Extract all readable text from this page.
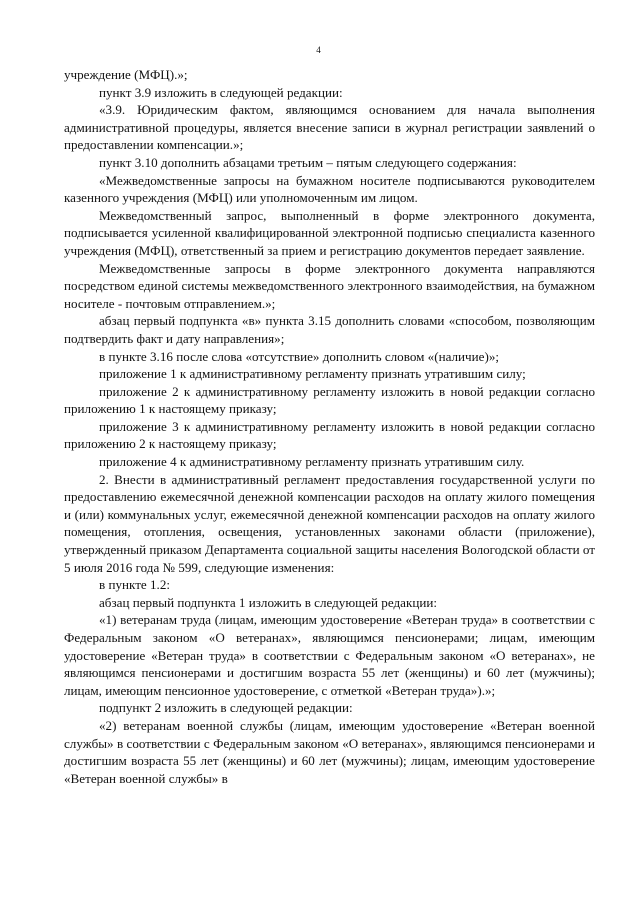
4

учреждение (МФЦ).»;

пункт 3.9 изложить в следующей редакции:

«3.9. Юридическим фактом, являющимся основанием для начала выполнения административной процедуры, является внесение записи в журнал регистрации заявлений о предоставлении компенсации.»;

пункт 3.10 дополнить абзацами третьим – пятым следующего содержания:

«Межведомственные запросы на бумажном носителе подписываются руководителем казенного учреждения (МФЦ) или уполномоченным им лицом.

Межведомственный запрос, выполненный в форме электронного документа, подписывается усиленной квалифицированной электронной подписью специалиста казенного учреждения (МФЦ), ответственный за прием и регистрацию документов передает заявление.

Межведомственные запросы в форме электронного документа направляются посредством единой системы межведомственного электронного взаимодействия, на бумажном носителе - почтовым отправлением.»;

абзац первый подпункта «в» пункта 3.15 дополнить словами «способом, позволяющим подтвердить факт и дату направления»;

в пункте 3.16 после слова «отсутствие» дополнить словом «(наличие)»;

приложение 1 к административному регламенту признать утратившим силу;

приложение 2 к административному регламенту изложить в новой редакции согласно приложению 1 к настоящему приказу;

приложение 3 к административному регламенту изложить в новой редакции согласно приложению 2 к настоящему приказу;

приложение 4 к административному регламенту признать утратившим силу.

2. Внести в административный регламент предоставления государственной услуги по предоставлению ежемесячной денежной компенсации расходов на оплату жилого помещения и (или) коммунальных услуг, ежемесячной денежной компенсации расходов на оплату жилого помещения, отопления, освещения, установленных законами области (приложение), утвержденный приказом Департамента социальной защиты населения Вологодской области от 5 июля 2016 года № 599, следующие изменения:

в пункте 1.2:

абзац первый подпункта 1 изложить в следующей редакции:

«1) ветеранам труда (лицам, имеющим удостоверение «Ветеран труда» в соответствии с Федеральным законом «О ветеранах», являющимся пенсионерами; лицам, имеющим удостоверение «Ветеран труда» в соответствии с Федеральным законом «О ветеранах», не являющимся пенсионерами и достигшим возраста 55 лет (женщины) и 60 лет (мужчины); лицам, имеющим пенсионное удостоверение, с отметкой «Ветеран труда»).»;

подпункт 2 изложить в следующей редакции:

«2) ветеранам военной службы (лицам, имеющим удостоверение «Ветеран военной службы» в соответствии с Федеральным законом «О ветеранах», являющимся пенсионерами и достигшим возраста 55 лет (женщины) и 60 лет (мужчины); лицам, имеющим удостоверение «Ветеран военной службы» в
